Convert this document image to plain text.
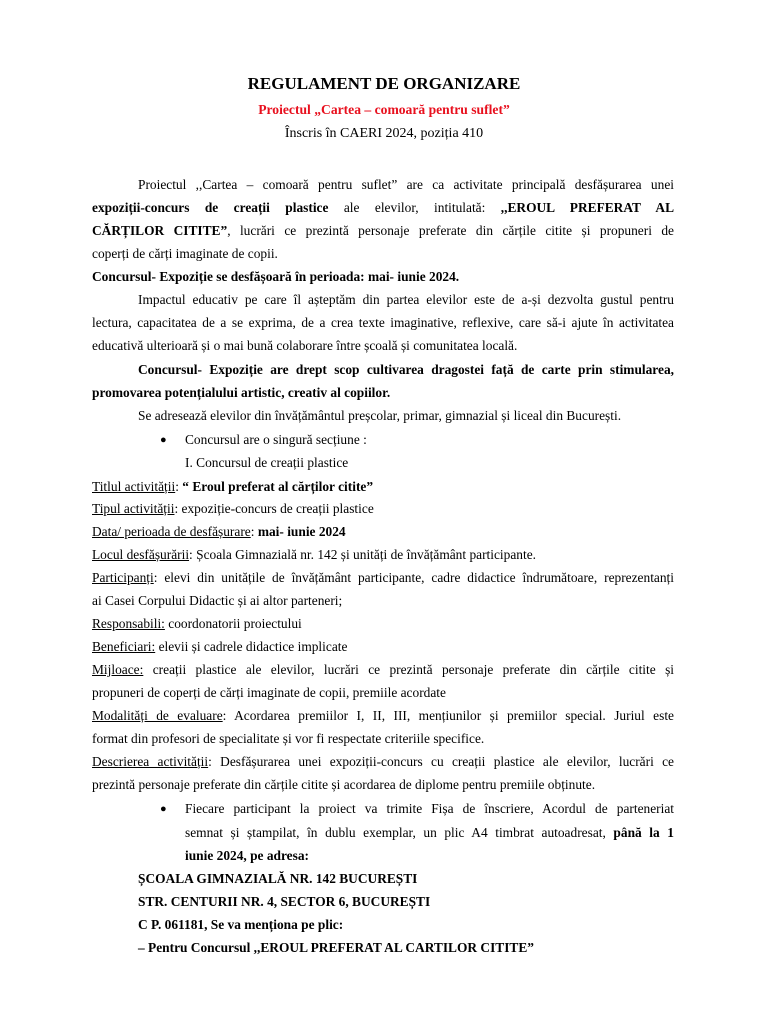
REGULAMENT DE ORGANIZARE
Proiectul „Cartea – comoară pentru suflet”
Înscris în CAERI 2024, poziția 410
Proiectul ,,Cartea – comoară pentru suflet” are ca activitate principală desfășurarea unei
expoziții-concurs de creații plastice ale elevilor, intitulată: ,,EROUL PREFERAT AL
CĂRȚILOR CITITE”, lucrări ce prezintă personaje preferate din cărțile citite și propuneri de
coperți de cărți imaginate de copii.
Concursul- Expoziție se desfășoară în perioada: mai- iunie 2024.
Impactul educativ pe care îl așteptăm din partea elevilor este de a-și dezvolta gustul pentru
lectura, capacitatea de a se exprima, de a crea texte imaginative, reflexive, care să-i ajute în activitatea
educativă ulterioară și o mai bună colaborare între școală și comunitatea locală.
Concursul- Expoziție are drept scop cultivarea dragostei față de carte prin stimularea,
promovarea potențialului artistic, creativ al copiilor.
Se adresează elevilor din învățământul preșcolar, primar, gimnazial și liceal din București.
● Concursul are o singură secțiune :
I. Concursul de creații plastice
Titlul activității: “ Eroul preferat al cărților citite”
Tipul activității: expoziție-concurs de creații plastice
Data/ perioada de desfășurare: mai- iunie 2024
Locul desfășurării: Școala Gimnazială nr. 142 și unități de învățământ participante.
Participanți: elevi din unitățile de învățământ participante, cadre didactice îndrumătoare, reprezentanți
ai Casei Corpului Didactic și ai altor parteneri;
Responsabili: coordonatorii proiectului
Beneficiari: elevii și cadrele didactice implicate
Mijloace: creații plastice ale elevilor, lucrări ce prezintă personaje preferate din cărțile citite și
propuneri de coperți de cărți imaginate de copii, premiile acordate
Modalități de evaluare: Acordarea premiilor I, II, III, mențiunilor și premiilor special. Juriul este
format din profesori de specialitate și vor fi respectate criteriile specifice.
Descrierea activității: Desfășurarea unei expoziții-concurs cu creații plastice ale elevilor, lucrări ce
prezintă personaje preferate din cărțile citite și acordarea de diplome pentru premiile obținute.
● Fiecare participant la proiect va trimite Fișa de înscriere, Acordul de parteneriat
semnat și ștampilat, în dublu exemplar, un plic A4 timbrat autoadresat, până la 1
iunie 2024, pe adresa:
ȘCOALA GIMNAZIALĂ NR. 142 BUCUREȘTI
STR. CENTURII NR. 4, SECTOR 6, BUCUREȘTI
C P. 061181, Se va menționa pe plic:
– Pentru Concursul ,,EROUL PREFERAT AL CARTILOR CITITE”
